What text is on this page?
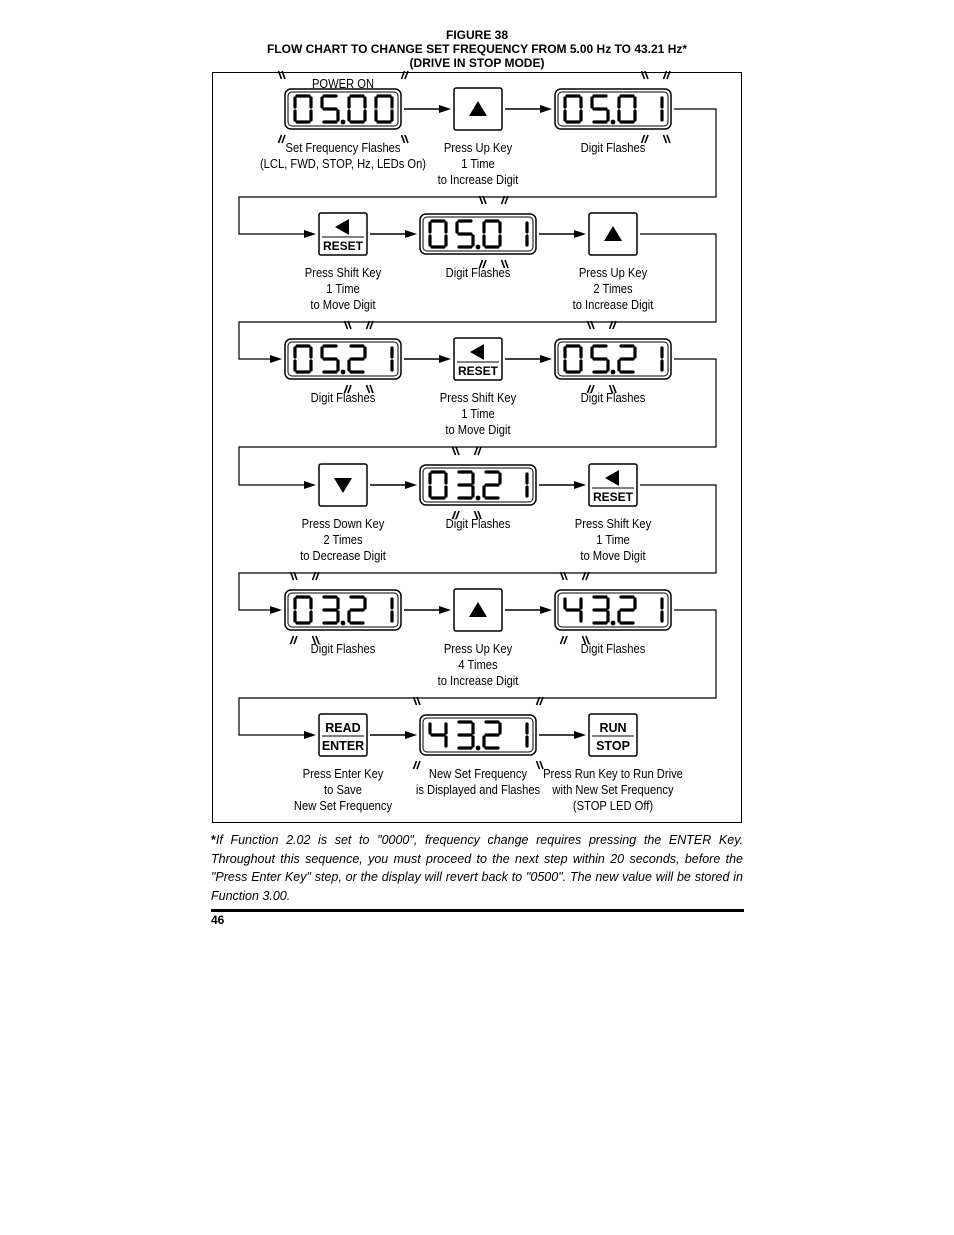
FIGURE 38
FLOW CHART TO CHANGE SET FREQUENCY FROM 5.00 Hz TO 43.21 Hz*
(DRIVE IN STOP MODE)
RESET
RESET
RESET
READ
ENTER
RUN
STOP
POWER ON
Set Frequency Flashes
(LCL, FWD, STOP, Hz, LEDs On)
Press Up Key
1 Time
to Increase Digit
Digit Flashes
Press Shift Key
1 Time
to Move Digit
Digit Flashes	Press Up Key
2 Times
to Increase Digit
Digit Flashes	Press Shift Key
1 Time
to Move Digit
Digit Flashes
Press Down Key
2 Times
to Decrease Digit
Digit Flashes	Press Shift Key
1 Time
to Move Digit
Digit Flashes	Press Up Key
4 Times
to Increase Digit
Digit Flashes
Press Enter Key
to Save
New Set Frequency
New Set Frequency
is Displayed and Flashes
Press Run Key to Run Drive
with New Set Frequency
(STOP LED Off)
*If Function 2.02 is set to "0000", frequency change requires pressing the ENTER Key. Throughout this sequence, you must proceed to the next step within 20 seconds, before the "Press Enter Key" step, or the display will revert back to "0500". The new value will be stored in Function 3.00.
46
